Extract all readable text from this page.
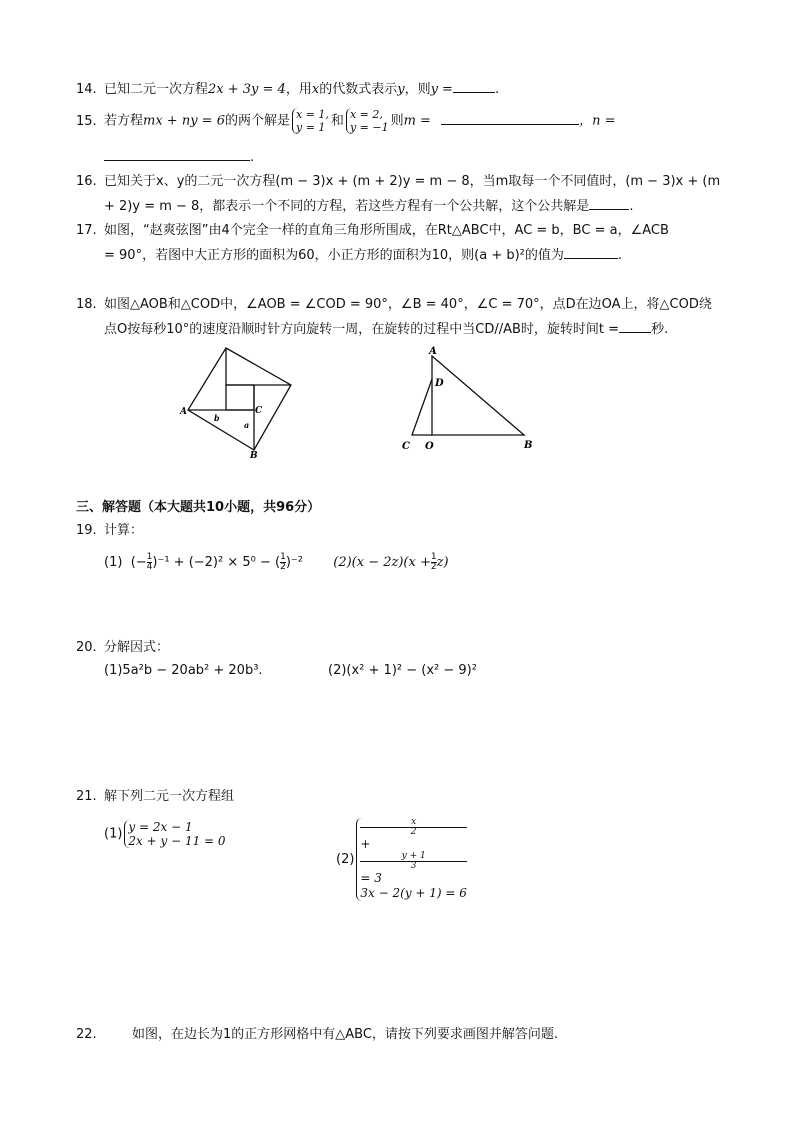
14. 已知二元一次方程2x + 3y = 4，用x的代数式表示y，则y =	.
15. 若方程mx + ny = 6的两个解是 x = 1,
y = 1 和 x = 2,
y = −1 则m =	，n =
.
16. 已知关于x、y的二元一次方程(m − 3)x + (m + 2)y = m − 8，当m取每一个不同值时，(m − 3)x + (m
+ 2)y = m − 8，都表示一个不同的方程，若这些方程有一个公共解，这个公共解是	.
17. 如图，“赵爽弦图”由4个完全一样的直角三角形所围成，在Rt△ABC中，AC = b，BC = a，∠ACB
= 90°，若图中大正方形的面积为60，小正方形的面积为10，则(a + b)²的值为	.
18. 如图△AOB和△COD中，∠AOB = ∠COD = 90°，∠B = 40°，∠C = 70°，点D在边OA上，将△COD绕
点O按每秒10°的速度沿顺时针方向旋转一周，在旋转的过程中当CD//AB时，旋转时间t = 秒.
A	C
B
b
a
A
D
C O	B
三、解答题（本大题共10小题，共96分）
19. 计算：
(1) (− $\frac{1}{4} )^{-1} + (-2)^2 \times 5^0$ − ( $\frac{1}{2} )^{-2}$ $(2)(x - 2z)(x + \frac{1}{2} z)$
20. 分解因式：
(1)5a²b − 20ab² + 20b³.	(2)(x² + 1)² − (x² − 9)²
21. 解下列二元一次方程组
(1) y = 2x − 1
2x + y − 11 = 0
(2)
x
2
+
y + 1
3
= 3
3x − 2(y + 1) = 6
22.	如图，在边长为1的正方形网格中有△ABC，请按下列要求画图并解答问题.
